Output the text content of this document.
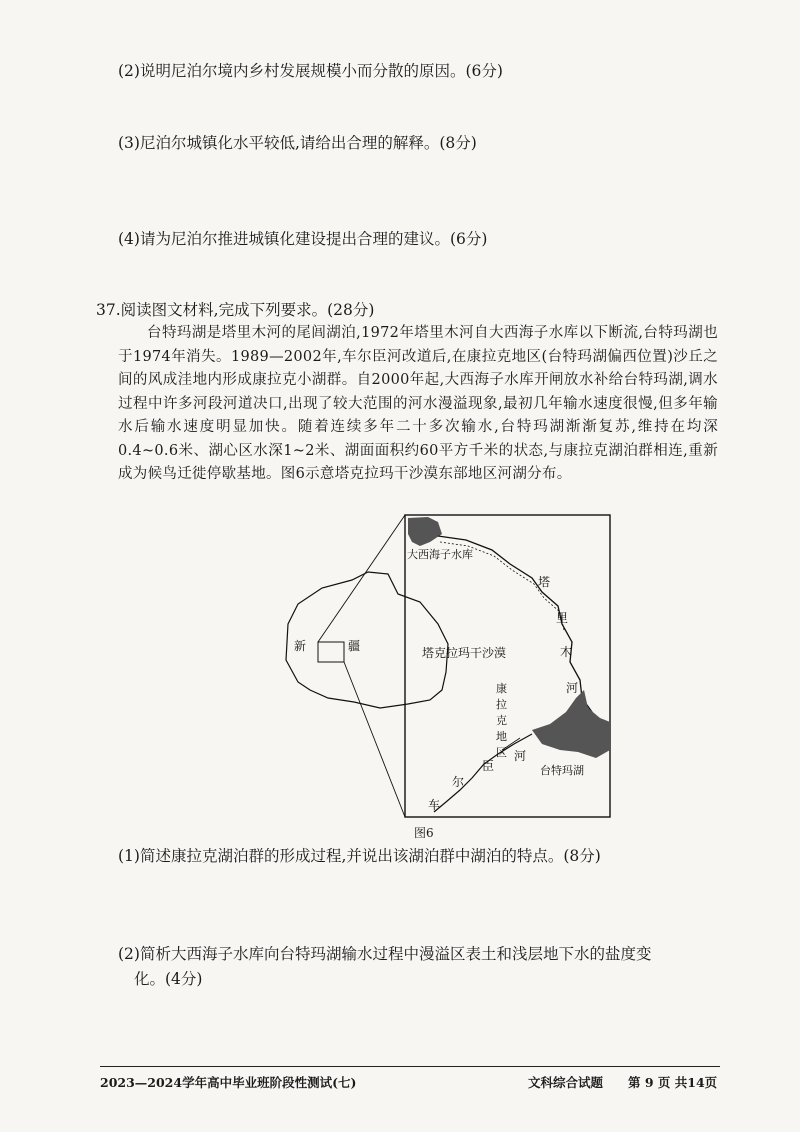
(2)说明尼泊尔境内乡村发展规模小而分散的原因。(6分)
(3)尼泊尔城镇化水平较低,请给出合理的解释。(8分)
(4)请为尼泊尔推进城镇化建设提出合理的建议。(6分)
37.阅读图文材料,完成下列要求。(28分)
台特玛湖是塔里木河的尾闾湖泊,1972年塔里木河自大西海子水库以下断流,台特玛湖也于1974年消失。1989—2002年,车尔臣河改道后,在康拉克地区(台特玛湖偏西位置)沙丘之间的风成洼地内形成康拉克小湖群。自2000年起,大西海子水库开闸放水补给台特玛湖,调水过程中许多河段河道决口,出现了较大范围的河水漫溢现象,最初几年输水速度很慢,但多年输水后输水速度明显加快。随着连续多年二十多次输水,台特玛湖渐渐复苏,维持在均深0.4~0.6米、湖心区水深1~2米、湖面面积约60平方千米的状态,与康拉克湖泊群相连,重新成为候鸟迁徙停歇基地。图6示意塔克拉玛干沙漠东部地区河湖分布。
大西海子水库
塔克拉玛干沙漠
新	疆
塔
里
木
河
康
拉
克
地
区
车
尔
臣
河
台特玛湖
图6
(1)简述康拉克湖泊群的形成过程,并说出该湖泊群中湖泊的特点。(8分)
(2)简析大西海子水库向台特玛湖输水过程中漫溢区表土和浅层地下水的盐度变
化。(4分)
2023—2024学年高中毕业班阶段性测试(七)	文科综合试题 第 9 页 共14页
